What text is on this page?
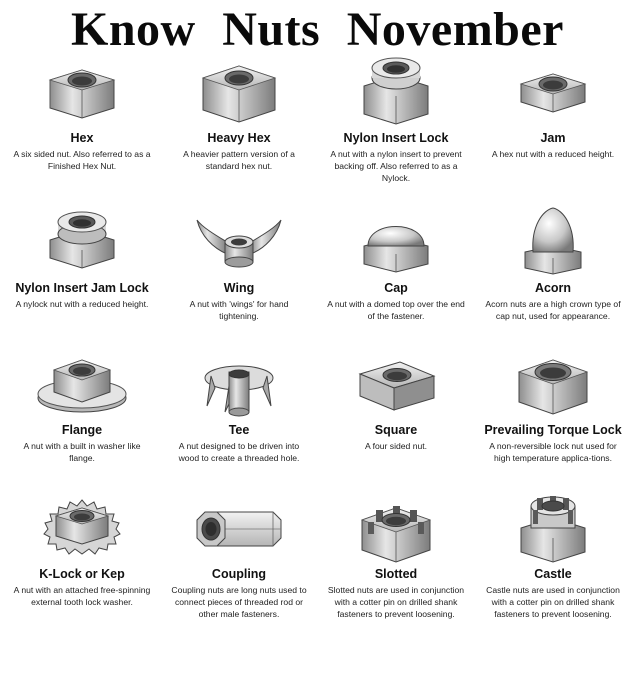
Know Nuts November
Hex
A six sided nut. Also referred to as a Finished Hex Nut.
Heavy Hex
A heavier pattern version of a standard hex nut.
Nylon Insert Lock
A nut with a nylon insert to prevent backing off. Also referred to as a Nylock.
Jam
A hex nut with a reduced height.
Nylon Insert Jam Lock
A nylock nut with a reduced height.
Wing
A nut with 'wings' for hand tightening.
Cap
A nut with a domed top over the end of the fastener.
Acorn
Acorn nuts are a high crown type of cap nut, used for appearance.
Flange
A nut with a built in washer like flange.
Tee
A nut designed to be driven into wood to create a threaded hole.
Square
A four sided nut.
Prevailing Torque Lock
A non-reversible lock nut used for high temperature applica-tions.
K-Lock or Kep
A nut with an attached free-spinning external tooth lock washer.
Coupling
Coupling nuts are long nuts used to connect pieces of threaded rod or other male fasteners.
Slotted
Slotted nuts are used in conjunction with a cotter pin on drilled shank fasteners to prevent loosening.
Castle
Castle nuts are used in conjunction with a cotter pin on drilled shank fasteners to prevent loosening.
